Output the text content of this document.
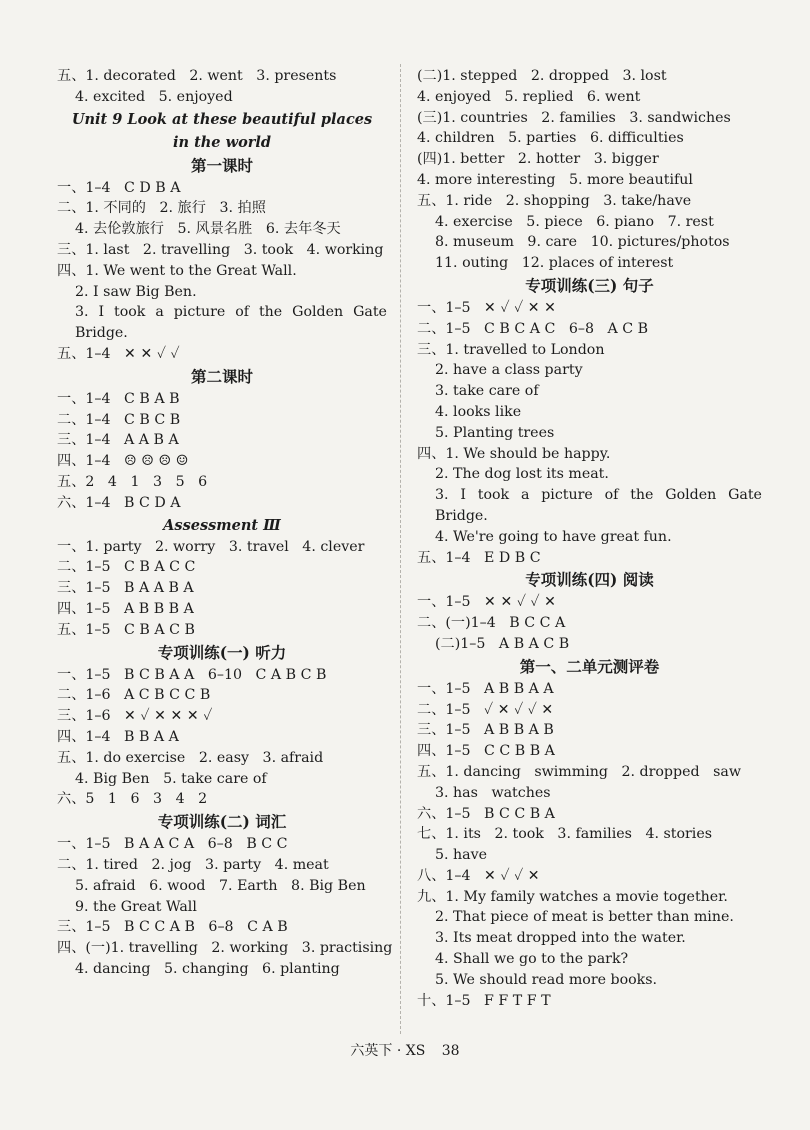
五、1. decorated   2. went   3. presents
4. excited   5. enjoyed
Unit 9 Look at these beautiful places
in the world
第一课时
一、1–4   C D B A
二、1. 不同的   2. 旅行   3. 拍照
4. 去伦敦旅行   5. 风景名胜   6. 去年冬天
三、1. last   2. travelling   3. took   4. working
四、1. We went to the Great Wall.
2. I saw Big Ben.
3. I took a picture of the Golden Gate
Bridge.
五、1–4   ✕ ✕ ✓ ✓
第二课时
一、1–4   C B A B
二、1–4   C B C B
三、1–4   A A B A
四、1–4   ☹ ☹ ☹ ☺
五、2   4   1   3   5   6
六、1–4   B C D A
Assessment Ⅲ
一、1. party   2. worry   3. travel   4. clever
二、1–5   C B A C C
三、1–5   B A A B A
四、1–5   A B B B A
五、1–5   C B A C B
专项训练(一) 听力
一、1–5   B C B A A   6–10   C A B C B
二、1–6   A C B C C B
三、1–6   ✕ ✓ ✕ ✕ ✕ ✓
四、1–4   B B A A
五、1. do exercise   2. easy   3. afraid
4. Big Ben   5. take care of
六、5   1   6   3   4   2
专项训练(二) 词汇
一、1–5   B A A C A   6–8   B C C
二、1. tired   2. jog   3. party   4. meat
5. afraid   6. wood   7. Earth   8. Big Ben
9. the Great Wall
三、1–5   B C C A B   6–8   C A B
四、(一)1. travelling   2. working   3. practising
4. dancing   5. changing   6. planting
(二)1. stepped   2. dropped   3. lost
4. enjoyed   5. replied   6. went
(三)1. countries   2. families   3. sandwiches
4. children   5. parties   6. difficulties
(四)1. better   2. hotter   3. bigger
4. more interesting   5. more beautiful
五、1. ride   2. shopping   3. take/have
4. exercise   5. piece   6. piano   7. rest
8. museum   9. care   10. pictures/photos
11. outing   12. places of interest
专项训练(三) 句子
一、1–5   ✕ ✓ ✓ ✕ ✕
二、1–5   C B C A C   6–8   A C B
三、1. travelled to London
2. have a class party
3. take care of
4. looks like
5. Planting trees
四、1. We should be happy.
2. The dog lost its meat.
3. I took a picture of the Golden Gate
Bridge.
4. We're going to have great fun.
五、1–4   E D B C
专项训练(四) 阅读
一、1–5   ✕ ✕ ✓ ✓ ✕
二、(一)1–4   B C C A
(二)1–5   A B A C B
第一、二单元测评卷
一、1–5   A B B A A
二、1–5   ✓ ✕ ✓ ✓ ✕
三、1–5   A B B A B
四、1–5   C C B B A
五、1. dancing   swimming   2. dropped   saw
3. has   watches
六、1–5   B C C B A
七、1. its   2. took   3. families   4. stories
5. have
八、1–4   ✕ ✓ ✓ ✕
九、1. My family watches a movie together.
2. That piece of meat is better than mine.
3. Its meat dropped into the water.
4. Shall we go to the park?
5. We should read more books.
十、1–5   F F T F T
六英下 · XS 38
